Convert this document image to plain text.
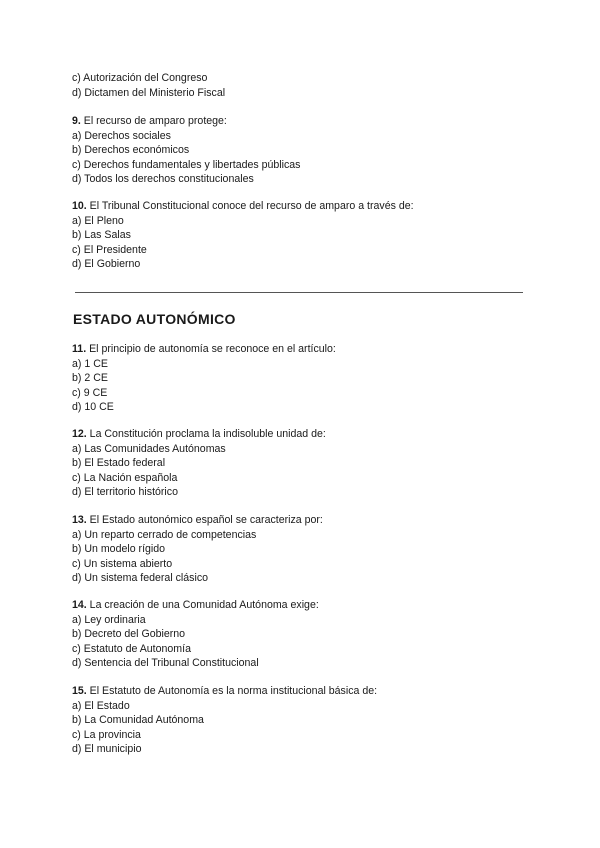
c) Autorización del Congreso
d) Dictamen del Ministerio Fiscal
9. El recurso de amparo protege:
a) Derechos sociales
b) Derechos económicos
c) Derechos fundamentales y libertades públicas
d) Todos los derechos constitucionales
10. El Tribunal Constitucional conoce del recurso de amparo a través de:
a) El Pleno
b) Las Salas
c) El Presidente
d) El Gobierno
ESTADO AUTONÓMICO
11. El principio de autonomía se reconoce en el artículo:
a) 1 CE
b) 2 CE
c) 9 CE
d) 10 CE
12. La Constitución proclama la indisoluble unidad de:
a) Las Comunidades Autónomas
b) El Estado federal
c) La Nación española
d) El territorio histórico
13. El Estado autonómico español se caracteriza por:
a) Un reparto cerrado de competencias
b) Un modelo rígido
c) Un sistema abierto
d) Un sistema federal clásico
14. La creación de una Comunidad Autónoma exige:
a) Ley ordinaria
b) Decreto del Gobierno
c) Estatuto de Autonomía
d) Sentencia del Tribunal Constitucional
15. El Estatuto de Autonomía es la norma institucional básica de:
a) El Estado
b) La Comunidad Autónoma
c) La provincia
d) El municipio
